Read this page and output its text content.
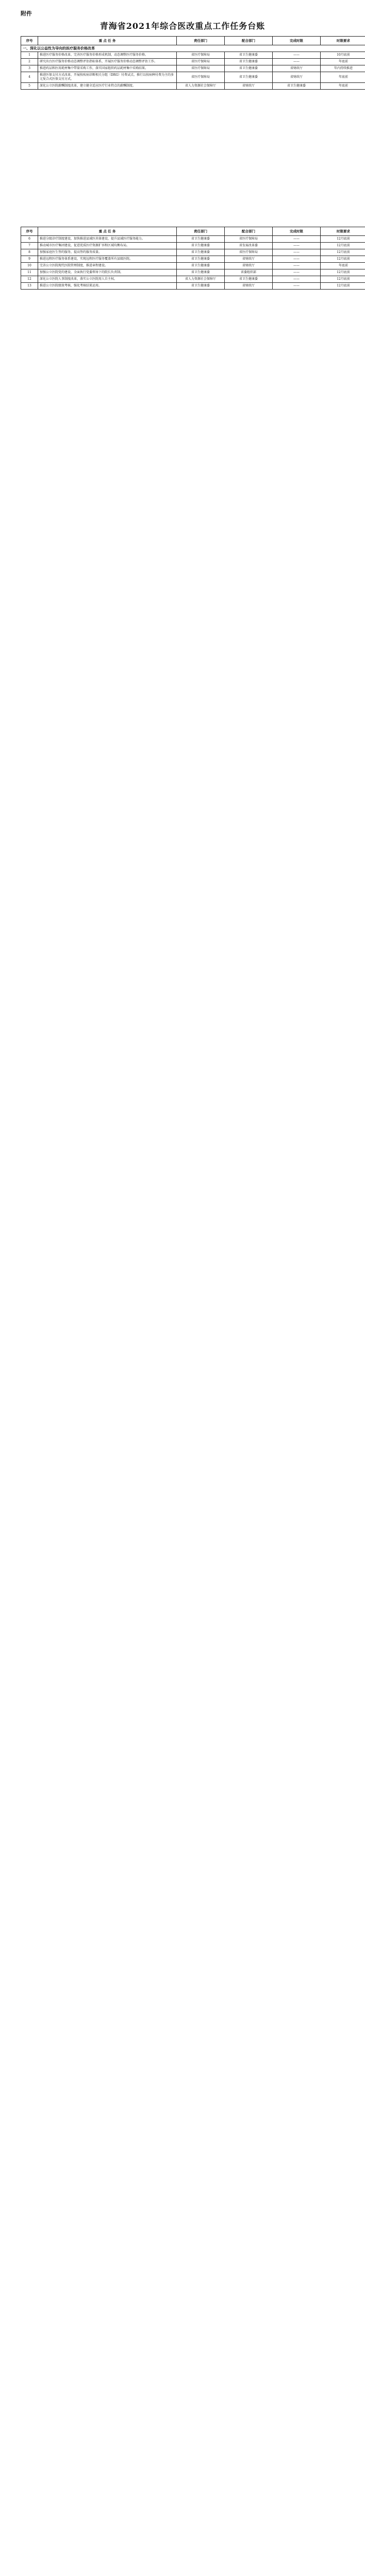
附件
青海省2021年综合医改重点工作任务台账
序号	重 点 任 务	责任部门	配合部门	完成时限	时限要求
一、深化以公益性为导向的医疗服务价格改革					
1	推进医疗服务价格改革，完善医疗服务价格形成机制，动态调整医疗服务价格。	省医疗保障局	省卫生健康委	——	10月底前
2	研究出台医疗服务价格动态调整评估指标体系，开展医疗服务价格动态调整评估工作。	省医疗保障局	省卫生健康委	——	年底前
3	推进药品和医用耗材集中带量采购工作，落实国家组织药品耗材集中采购结果。	省医疗保障局	省卫生健康委	省财政厅	年内持续推进
4	推进医保支付方式改革，开展按疾病诊断相关分组（DRG）付费试点，推行以按病种付费为主的多元复合式医保支付方式。	省医疗保障局	省卫生健康委	省财政厅	年底前
5	深化公立医院薪酬制度改革，建立健全适应医疗行业特点的薪酬制度。	省人力资源社会保障厅	省财政厅	省卫生健康委	年底前
序号	重 点 任 务	责任部门	配合部门	完成时限	时限要求
6	推进分级诊疗制度建设，加快推进县域医共体建设，提升县域医疗服务能力。	省卫生健康委	省医疗保障局	——	12月底前
7	推动城市医疗集团建设，促进优质医疗资源扩容和区域均衡布局。	省卫生健康委	省发展改革委	——	12月底前
8	加强家庭医生签约服务，提高签约服务质量。	省卫生健康委	省医疗保障局	——	12月底前
9	推进远程医疗服务体系建设，实现远程医疗服务覆盖所有县级医院。	省卫生健康委	省财政厅	——	12月底前
10	完善公立医院现代医院管理制度，推进章程建设。	省卫生健康委	省财政厅	——	年底前
11	加强公立医院党的建设，全面执行党委领导下的院长负责制。	省卫生健康委	省委组织部	——	12月底前
12	深化公立医院人事制度改革，落实公立医院用人自主权。	省人力资源社会保障厅	省卫生健康委	——	12月底前
13	推进公立医院绩效考核，强化考核结果运用。	省卫生健康委	省财政厅	——	12月底前
